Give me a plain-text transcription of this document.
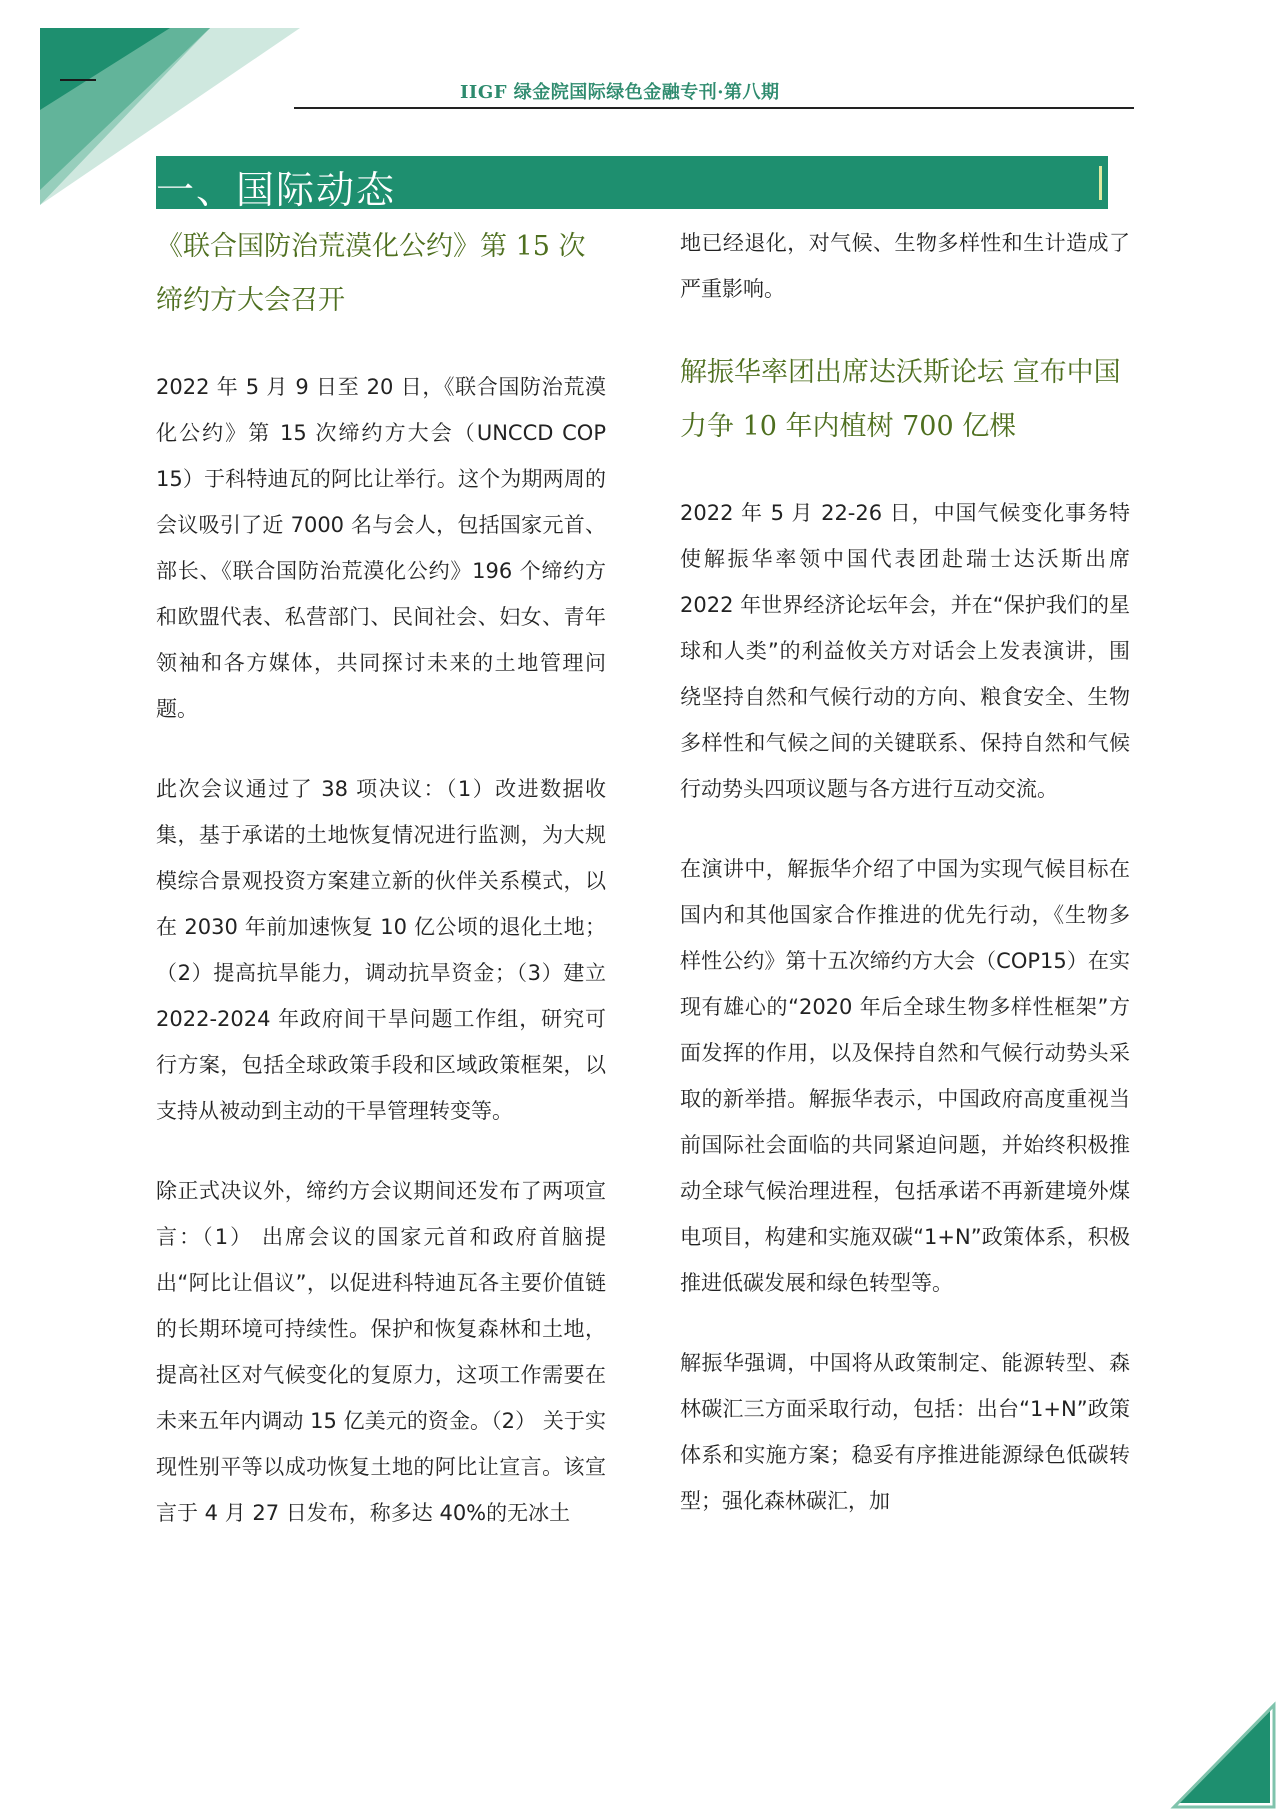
IIGF 绿金院国际绿色金融专刊·第八期
一、国际动态
《联合国防治荒漠化公约》第 15 次缔约方大会召开

2022 年 5 月 9 日至 20 日，《联合国防治荒漠化公约》第 15 次缔约方大会（UNCCD COP 15）于科特迪瓦的阿比让举行。这个为期两周的会议吸引了近 7000 名与会人，包括国家元首、部长、《联合国防治荒漠化公约》196 个缔约方和欧盟代表、私营部门、民间社会、妇女、青年领袖和各方媒体，共同探讨未来的土地管理问题。

此次会议通过了 38 项决议：（1）改进数据收集，基于承诺的土地恢复情况进行监测，为大规模综合景观投资方案建立新的伙伴关系模式，以在 2030 年前加速恢复 10 亿公顷的退化土地；（2）提高抗旱能力，调动抗旱资金；（3）建立 2022-2024 年政府间干旱问题工作组，研究可行方案，包括全球政策手段和区域政策框架，以支持从被动到主动的干旱管理转变等。

除正式决议外，缔约方会议期间还发布了两项宣言：（1） 出席会议的国家元首和政府首脑提出“阿比让倡议”，以促进科特迪瓦各主要价值链的长期环境可持续性。保护和恢复森林和土地，提高社区对气候变化的复原力，这项工作需要在未来五年内调动 15 亿美元的资金。（2） 关于实现性别平等以成功恢复土地的阿比让宣言。该宣言于 4 月 27 日发布，称多达 40%的无冰土

地已经退化，对气候、生物多样性和生计造成了严重影响。

解振华率团出席达沃斯论坛 宣布中国力争 10 年内植树 700 亿棵

2022 年 5 月 22-26 日，中国气候变化事务特使解振华率领中国代表团赴瑞士达沃斯出席 2022 年世界经济论坛年会，并在“保护我们的星球和人类”的利益攸关方对话会上发表演讲，围绕坚持自然和气候行动的方向、粮食安全、生物多样性和气候之间的关键联系、保持自然和气候行动势头四项议题与各方进行互动交流。

在演讲中，解振华介绍了中国为实现气候目标在国内和其他国家合作推进的优先行动，《生物多样性公约》第十五次缔约方大会（COP15）在实现有雄心的“2020 年后全球生物多样性框架”方面发挥的作用，以及保持自然和气候行动势头采取的新举措。解振华表示，中国政府高度重视当前国际社会面临的共同紧迫问题，并始终积极推动全球气候治理进程，包括承诺不再新建境外煤电项目，构建和实施双碳“1+N”政策体系，积极推进低碳发展和绿色转型等。

解振华强调，中国将从政策制定、能源转型、森林碳汇三方面采取行动，包括：出台“1+N”政策体系和实施方案；稳妥有序推进能源绿色低碳转型；强化森林碳汇，加
